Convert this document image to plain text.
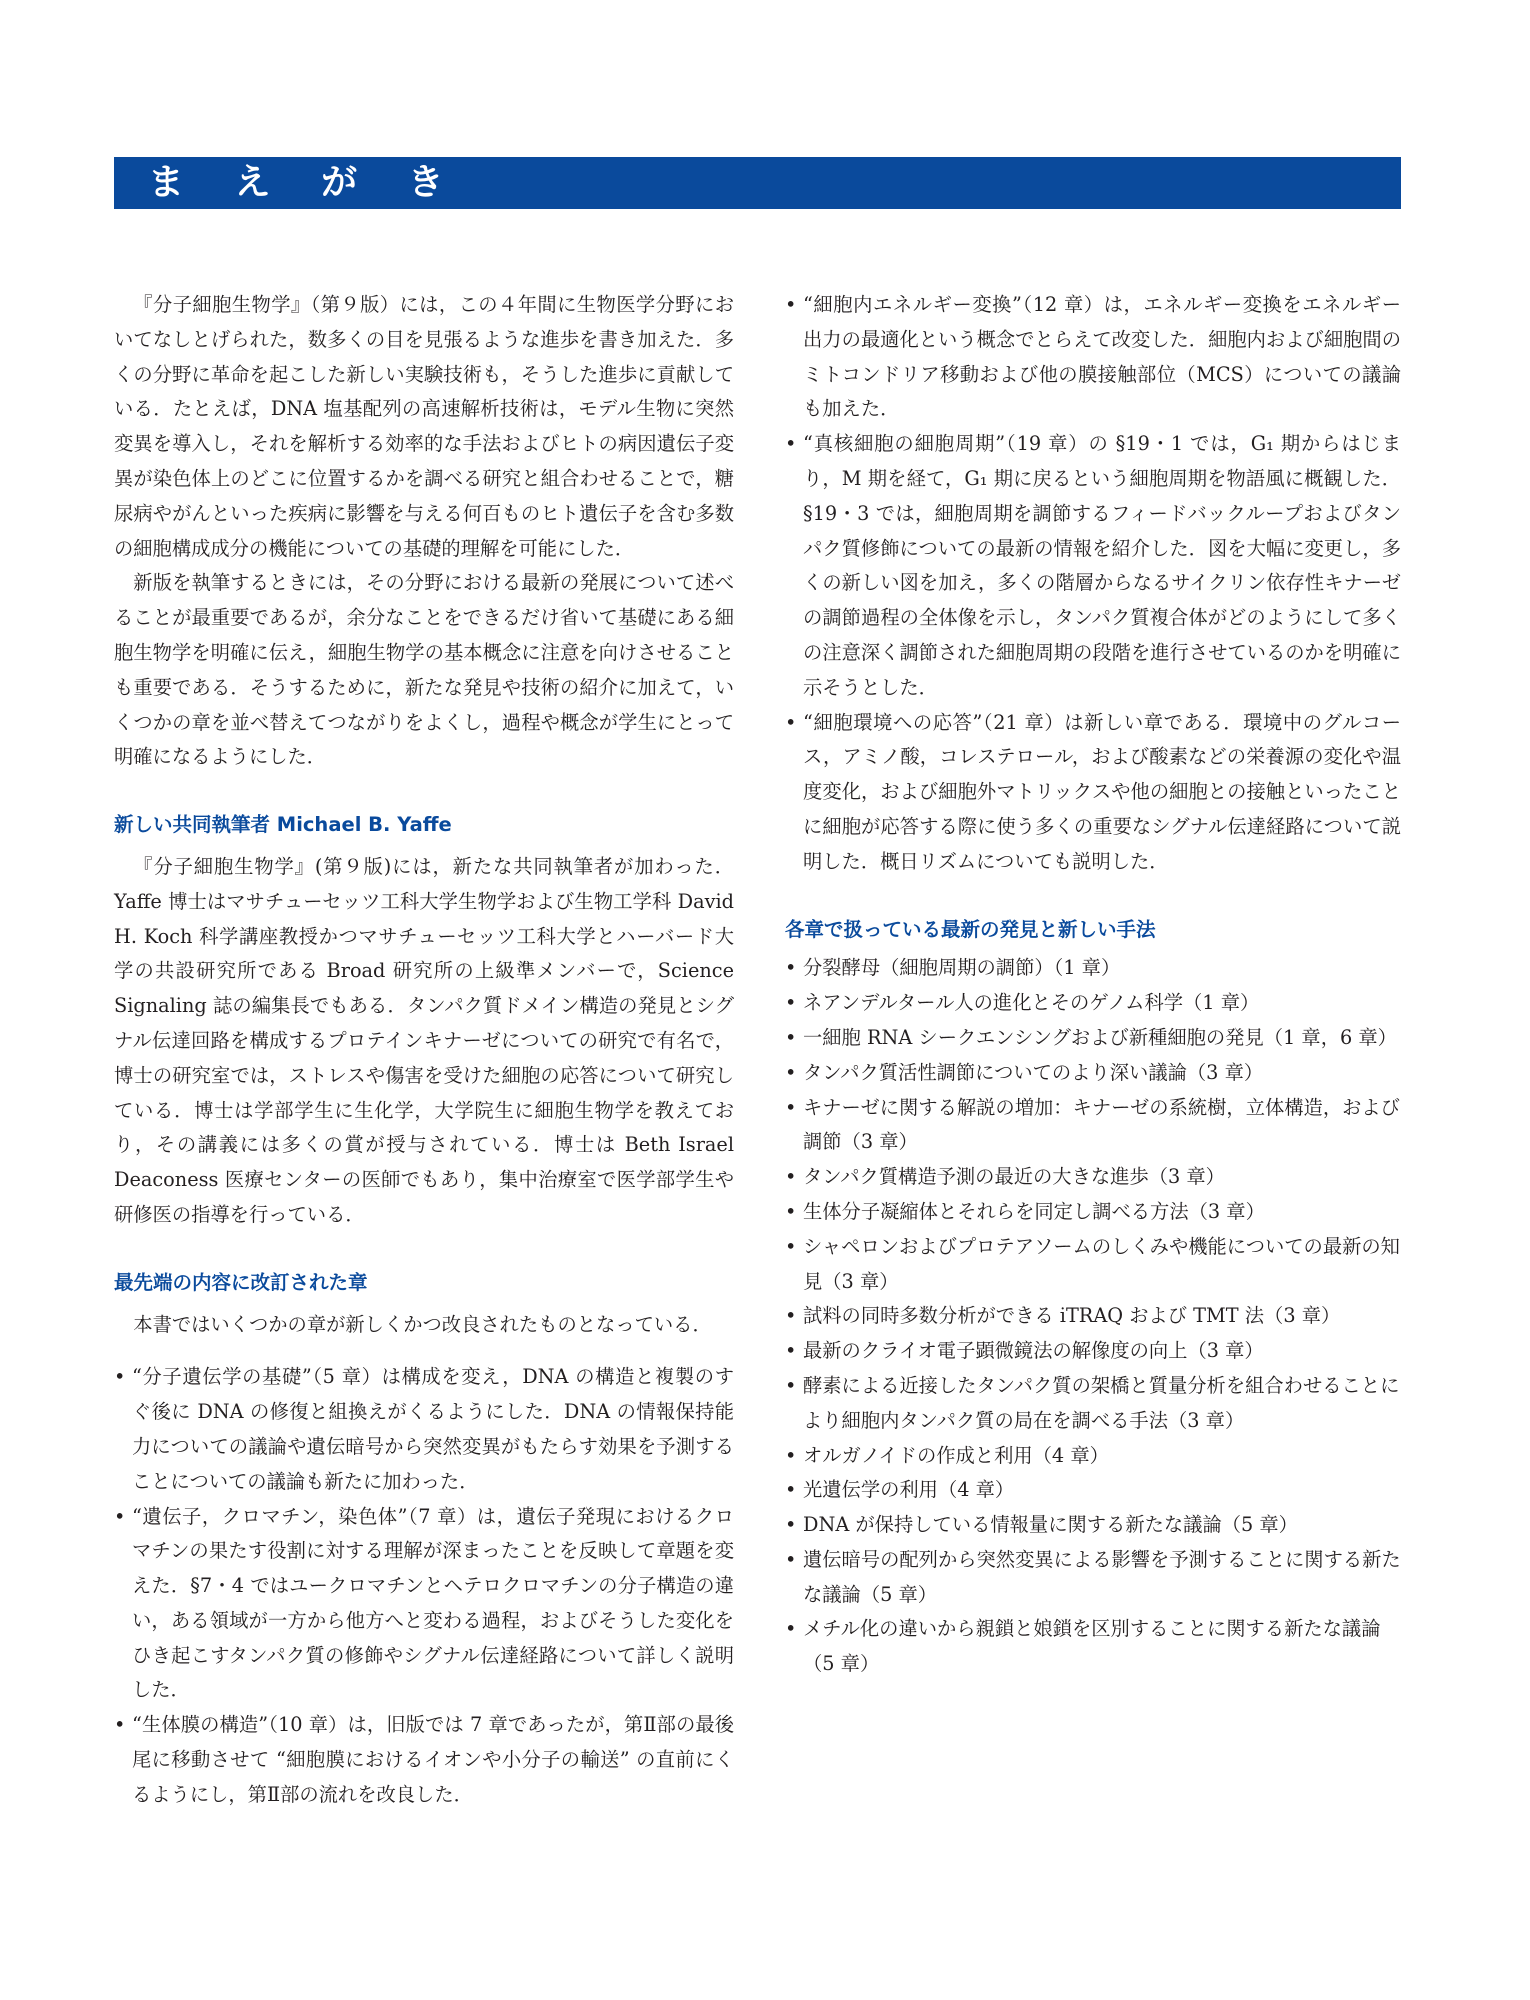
ま え が き

『分子細胞生物学』（第９版）には，この４年間に生物医学分野においてなしとげられた，数多くの目を見張るような進歩を書き加えた．多くの分野に革命を起こした新しい実験技術も，そうした進歩に貢献している．たとえば，DNA 塩基配列の高速解析技術は，モデル生物に突然変異を導入し，それを解析する効率的な手法およびヒトの病因遺伝子変異が染色体上のどこに位置するかを調べる研究と組合わせることで，糖尿病やがんといった疾病に影響を与える何百ものヒト遺伝子を含む多数の細胞構成成分の機能についての基礎的理解を可能にした．

新版を執筆するときには，その分野における最新の発展について述べることが最重要であるが，余分なことをできるだけ省いて基礎にある細胞生物学を明確に伝え，細胞生物学の基本概念に注意を向けさせることも重要である．そうするために，新たな発見や技術の紹介に加えて，いくつかの章を並べ替えてつながりをよくし，過程や概念が学生にとって明確になるようにした．

新しい共同執筆者 Michael B. Yaffe

『分子細胞生物学』(第９版)には，新たな共同執筆者が加わった．Yaffe 博士はマサチューセッツ工科大学生物学および生物工学科 David H. Koch 科学講座教授かつマサチューセッツ工科大学とハーバード大学の共設研究所である Broad 研究所の上級準メンバーで，Science Signaling 誌の編集長でもある．タンパク質ドメイン構造の発見とシグナル伝達回路を構成するプロテインキナーゼについての研究で有名で，博士の研究室では，ストレスや傷害を受けた細胞の応答について研究している．博士は学部学生に生化学，大学院生に細胞生物学を教えており，その講義には多くの賞が授与されている．博士は Beth Israel Deaconess 医療センターの医師でもあり，集中治療室で医学部学生や研修医の指導を行っている．

最先端の内容に改訂された章

本書ではいくつかの章が新しくかつ改良されたものとなっている．

• “分子遺伝学の基礎”（5 章）は構成を変え，DNA の構造と複製のすぐ後に DNA の修復と組換えがくるようにした．DNA の情報保持能力についての議論や遺伝暗号から突然変異がもたらす効果を予測することについての議論も新たに加わった．
• “遺伝子，クロマチン，染色体”（7 章）は，遺伝子発現におけるクロマチンの果たす役割に対する理解が深まったことを反映して章題を変えた．§7・4 ではユークロマチンとヘテロクロマチンの分子構造の違い，ある領域が一方から他方へと変わる過程，およびそうした変化をひき起こすタンパク質の修飾やシグナル伝達経路について詳しく説明した．
• “生体膜の構造”（10 章）は，旧版では 7 章であったが，第Ⅱ部の最後尾に移動させて “細胞膜におけるイオンや小分子の輸送” の直前にくるようにし，第Ⅱ部の流れを改良した．
• “細胞内エネルギー変換”（12 章）は，エネルギー変換をエネルギー出力の最適化という概念でとらえて改変した．細胞内および細胞間のミトコンドリア移動および他の膜接触部位（MCS）についての議論も加えた．
• “真核細胞の細胞周期”（19 章）の §19・1 では，G₁ 期からはじまり，M 期を経て，G₁ 期に戻るという細胞周期を物語風に概観した．§19・3 では，細胞周期を調節するフィードバックループおよびタンパク質修飾についての最新の情報を紹介した．図を大幅に変更し，多くの新しい図を加え，多くの階層からなるサイクリン依存性キナーゼの調節過程の全体像を示し，タンパク質複合体がどのようにして多くの注意深く調節された細胞周期の段階を進行させているのかを明確に示そうとした．
• “細胞環境への応答”（21 章）は新しい章である．環境中のグルコース，アミノ酸，コレステロール，および酸素などの栄養源の変化や温度変化，および細胞外マトリックスや他の細胞との接触といったことに細胞が応答する際に使う多くの重要なシグナル伝達経路について説明した．概日リズムについても説明した．
各章で扱っている最新の発見と新しい手法
• 分裂酵母（細胞周期の調節）（1 章）
• ネアンデルタール人の進化とそのゲノム科学（1 章）
• 一細胞 RNA シークエンシングおよび新種細胞の発見（1 章，6 章）
• タンパク質活性調節についてのより深い議論（3 章）
• キナーゼに関する解説の増加：キナーゼの系統樹，立体構造，および調節（3 章）
• タンパク質構造予測の最近の大きな進歩（3 章）
• 生体分子凝縮体とそれらを同定し調べる方法（3 章）
• シャペロンおよびプロテアソームのしくみや機能についての最新の知見（3 章）
• 試料の同時多数分析ができる iTRAQ および TMT 法（3 章）
• 最新のクライオ電子顕微鏡法の解像度の向上（3 章）
• 酵素による近接したタンパク質の架橋と質量分析を組合わせることにより細胞内タンパク質の局在を調べる手法（3 章）
• オルガノイドの作成と利用（4 章）
• 光遺伝学の利用（4 章）
• DNA が保持している情報量に関する新たな議論（5 章）
• 遺伝暗号の配列から突然変異による影響を予測することに関する新たな議論（5 章）
• メチル化の違いから親鎖と娘鎖を区別することに関する新たな議論（5 章）
